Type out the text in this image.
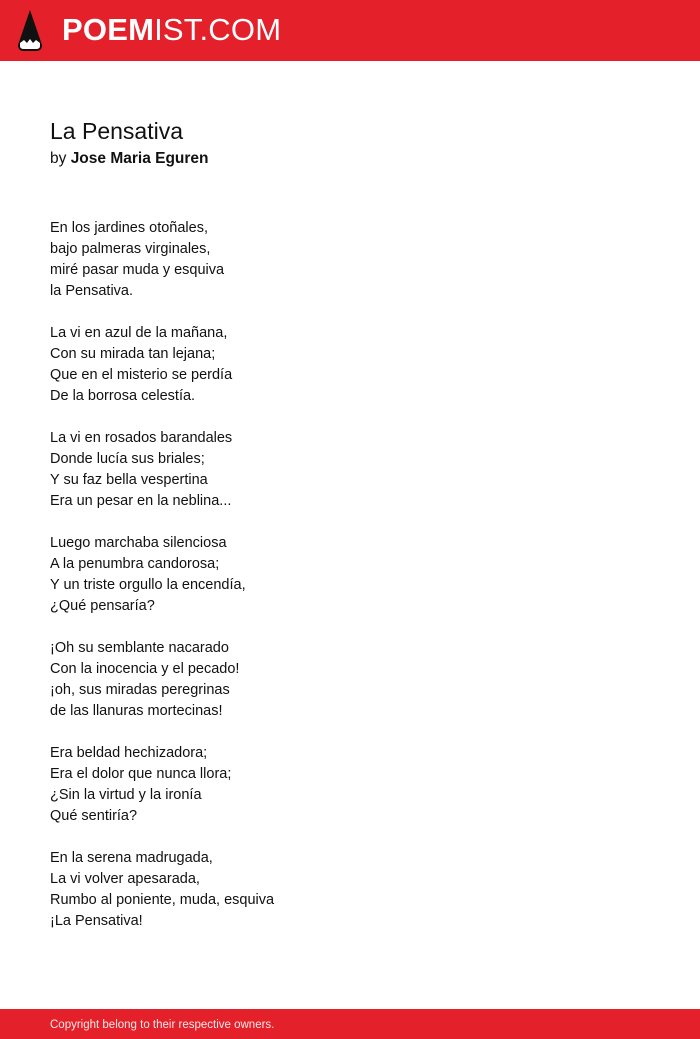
POEMIST.COM
La Pensativa
by Jose Maria Eguren
En los jardines otoñales,
bajo palmeras virginales,
miré pasar muda y esquiva
la Pensativa.
La vi en azul de la mañana,
Con su mirada tan lejana;
Que en el misterio se perdía
De la borrosa celestía.
La vi en rosados barandales
Donde lucía sus briales;
Y su faz bella vespertina
Era un pesar en la neblina...
Luego marchaba silenciosa
A la penumbra candorosa;
Y un triste orgullo la encendía,
¿Qué pensaría?
¡Oh su semblante nacarado
Con la inocencia y el pecado!
¡oh, sus miradas peregrinas
de las llanuras mortecinas!
Era beldad hechizadora;
Era el dolor que nunca llora;
¿Sin la virtud y la ironía
Qué sentiría?
En la serena madrugada,
La vi volver apesarada,
Rumbo al poniente, muda, esquiva
¡La Pensativa!
Copyright belong to their respective owners.
